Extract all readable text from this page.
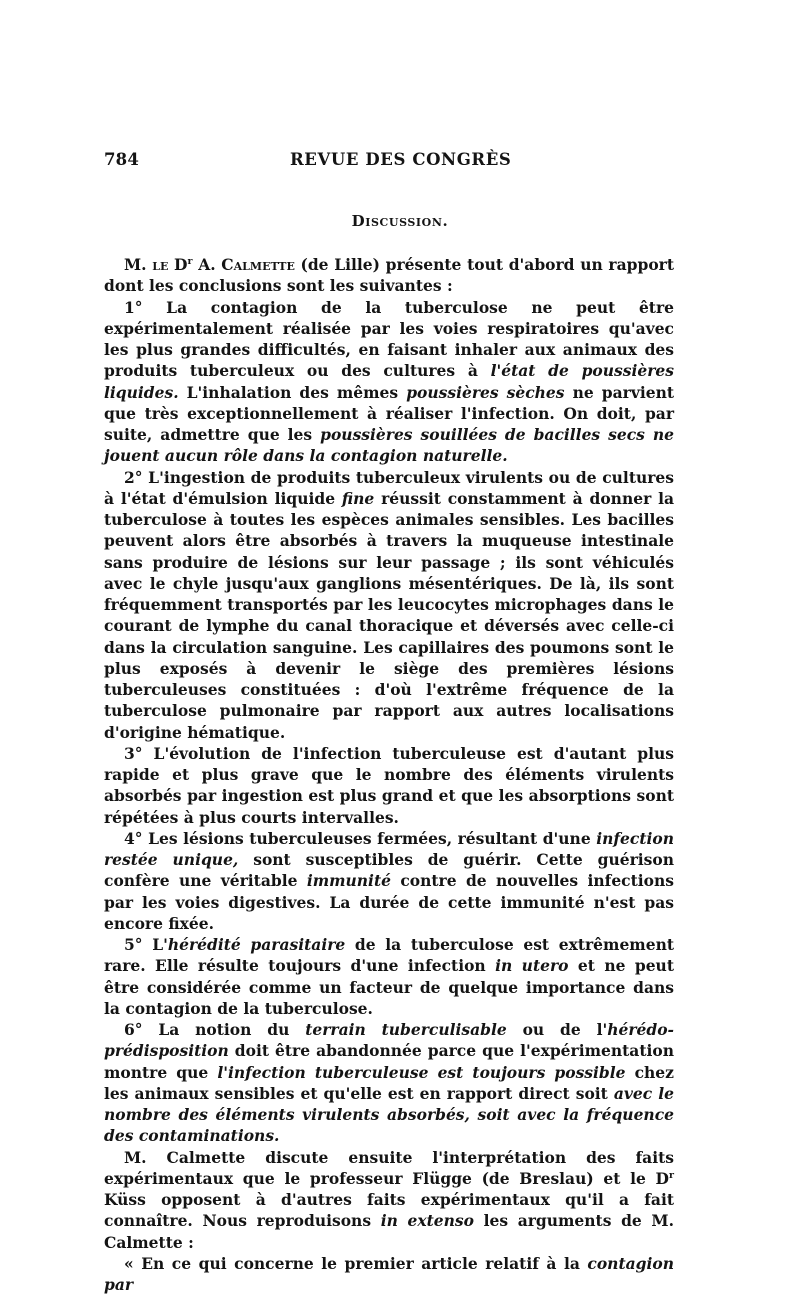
784	REVUE DES CONGRÈS
Discussion.

M. le $D^r$ A. Calmette (de Lille) présente tout d'abord un rapport dont les conclusions sont les suivantes :

1° La contagion de la tuberculose ne peut être expérimentalement réalisée par les voies respiratoires qu'avec les plus grandes difficultés, en faisant inhaler aux animaux des produits tuberculeux ou des cultures à l'état de poussières liquides. L'inhalation des mêmes poussières sèches ne parvient que très exceptionnellement à réaliser l'infection. On doit, par suite, admettre que les poussières souillées de bacilles secs ne jouent aucun rôle dans la contagion naturelle.

2° L'ingestion de produits tuberculeux virulents ou de cultures à l'état d'émulsion liquide fine réussit constamment à donner la tuberculose à toutes les espèces animales sensibles. Les bacilles peuvent alors être absorbés à travers la muqueuse intestinale sans produire de lésions sur leur passage ; ils sont véhiculés avec le chyle jusqu'aux ganglions mésentériques. De là, ils sont fréquemment transportés par les leucocytes microphages dans le courant de lymphe du canal thoracique et déversés avec celle-ci dans la circulation sanguine. Les capillaires des poumons sont le plus exposés à devenir le siège des premières lésions tuberculeuses constituées : d'où l'extrême fréquence de la tuberculose pulmonaire par rapport aux autres localisations d'origine hématique.

3° L'évolution de l'infection tuberculeuse est d'autant plus rapide et plus grave que le nombre des éléments virulents absorbés par ingestion est plus grand et que les absorptions sont répétées à plus courts intervalles.

4° Les lésions tuberculeuses fermées, résultant d'une infection restée unique, sont susceptibles de guérir. Cette guérison confère une véritable immunité contre de nouvelles infections par les voies digestives. La durée de cette immunité n'est pas encore fixée.

5° L'hérédité parasitaire de la tuberculose est extrêmement rare. Elle résulte toujours d'une infection in utero et ne peut être considérée comme un facteur de quelque importance dans la contagion de la tuberculose.

6° La notion du terrain tuberculisable ou de l'hérédo-prédisposition doit être abandonnée parce que l'expérimentation montre que l'infection tuberculeuse est toujours possible chez les animaux sensibles et qu'elle est en rapport direct soit avec le nombre des éléments virulents absorbés, soit avec la fréquence des contaminations.

M. Calmette discute ensuite l'interprétation des faits expérimentaux que le professeur Flügge (de Breslau) et le $D^r$ Küss opposent à d'autres faits expérimentaux qu'il a fait connaître. Nous reproduisons in extenso les arguments de M. Calmette :

« En ce qui concerne le premier article relatif à la contagion par
